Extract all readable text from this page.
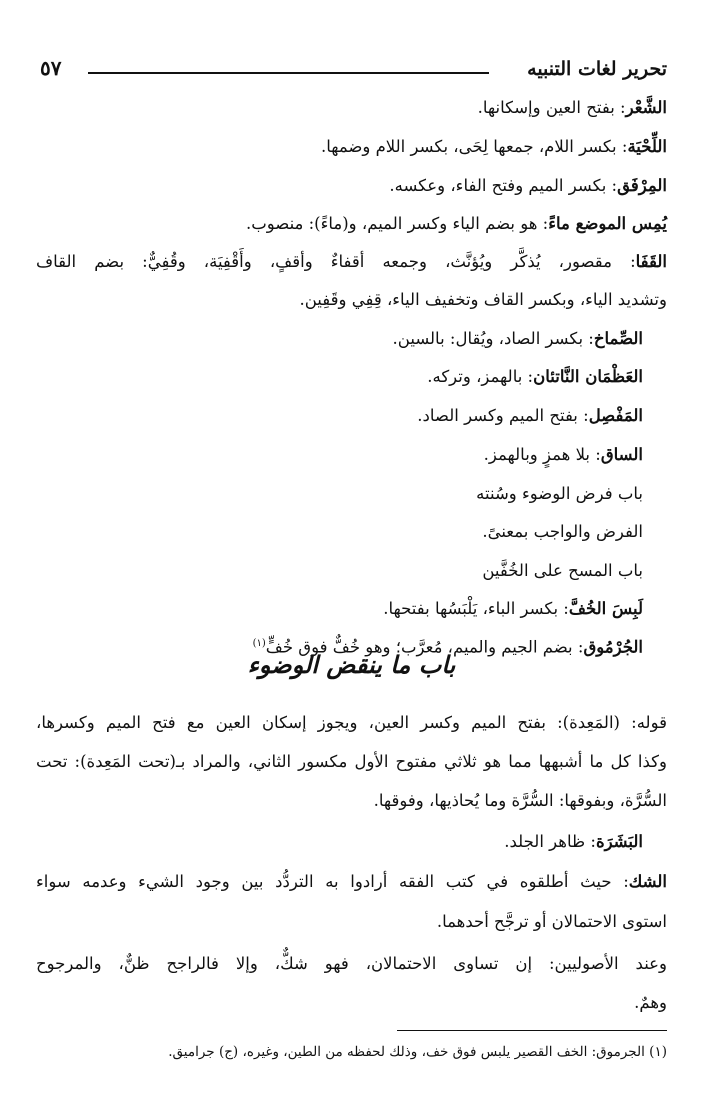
تحرير لغات التنبيه
٥٧
الشَّعْر: بفتح العين وإسكانها.
اللِّحْيَة: بكسر اللام، جمعها لِحَى، بكسر اللام وضمها.
المِرْفَق: بكسر الميم وفتح الفاء، وعكسه.
يُمِس الموضع ماءً: هو بضم الياء وكسر الميم، و(ماءً): منصوب.
القَفَا: مقصور، يُذكَّر ويُؤنَّث، وجمعه أقفاءٌ وأقفٍ، وأَقْفِيَة، وقُفِيٌّ: بضم القاف
وتشديد الياء، وبكسر القاف وتخفيف الياء، قِفِي وقَفِين.
الصِّماخ: بكسر الصاد، ويُقال: بالسين.
العَظْمَان النَّاتئان: بالهمز، وتركه.
المَفْصِل: بفتح الميم وكسر الصاد.
الساق: بلا همزٍ وبالهمز.
باب فرض الوضوء وسُنته
الفرض والواجب بمعنىً.
باب المسح على الخُفَّين
لَبِسَ الخُفَّ: بكسر الباء، يَلْبَسُها بفتحها.
الجُرْمُوق: بضم الجيم والميم، مُعرَّب؛ وهو خُفٌّ فوق خُفٍّ$^{(١)}$
باب ما ينقض الوضوء
قوله: (المَعِدة): بفتح الميم وكسر العين، ويجوز إسكان العين مع فتح الميم وكسرها،
وكذا كل ما أشبهها مما هو ثلاثي مفتوح الأول مكسور الثاني، والمراد بـ(تحت المَعِدة): تحت
السُّرَّة، وبفوقها: السُّرَّة وما يُحاذيها، وفوقها.
البَشَرَة: ظاهر الجلد.
الشك: حيث أطلقوه في كتب الفقه أرادوا به التردُّد بين وجود الشيء وعدمه سواء
استوى الاحتمالان أو ترجَّح أحدهما.
وعند الأصوليين: إن تساوى الاحتمالان، فهو شكٌّ، وإلا فالراجح ظنٌّ، والمرجوح
وهمٌ.
(١) الجرموق: الخف القصير يلبس فوق خف، وذلك لحفظه من الطين، وغيره، (ج) جراميق.
